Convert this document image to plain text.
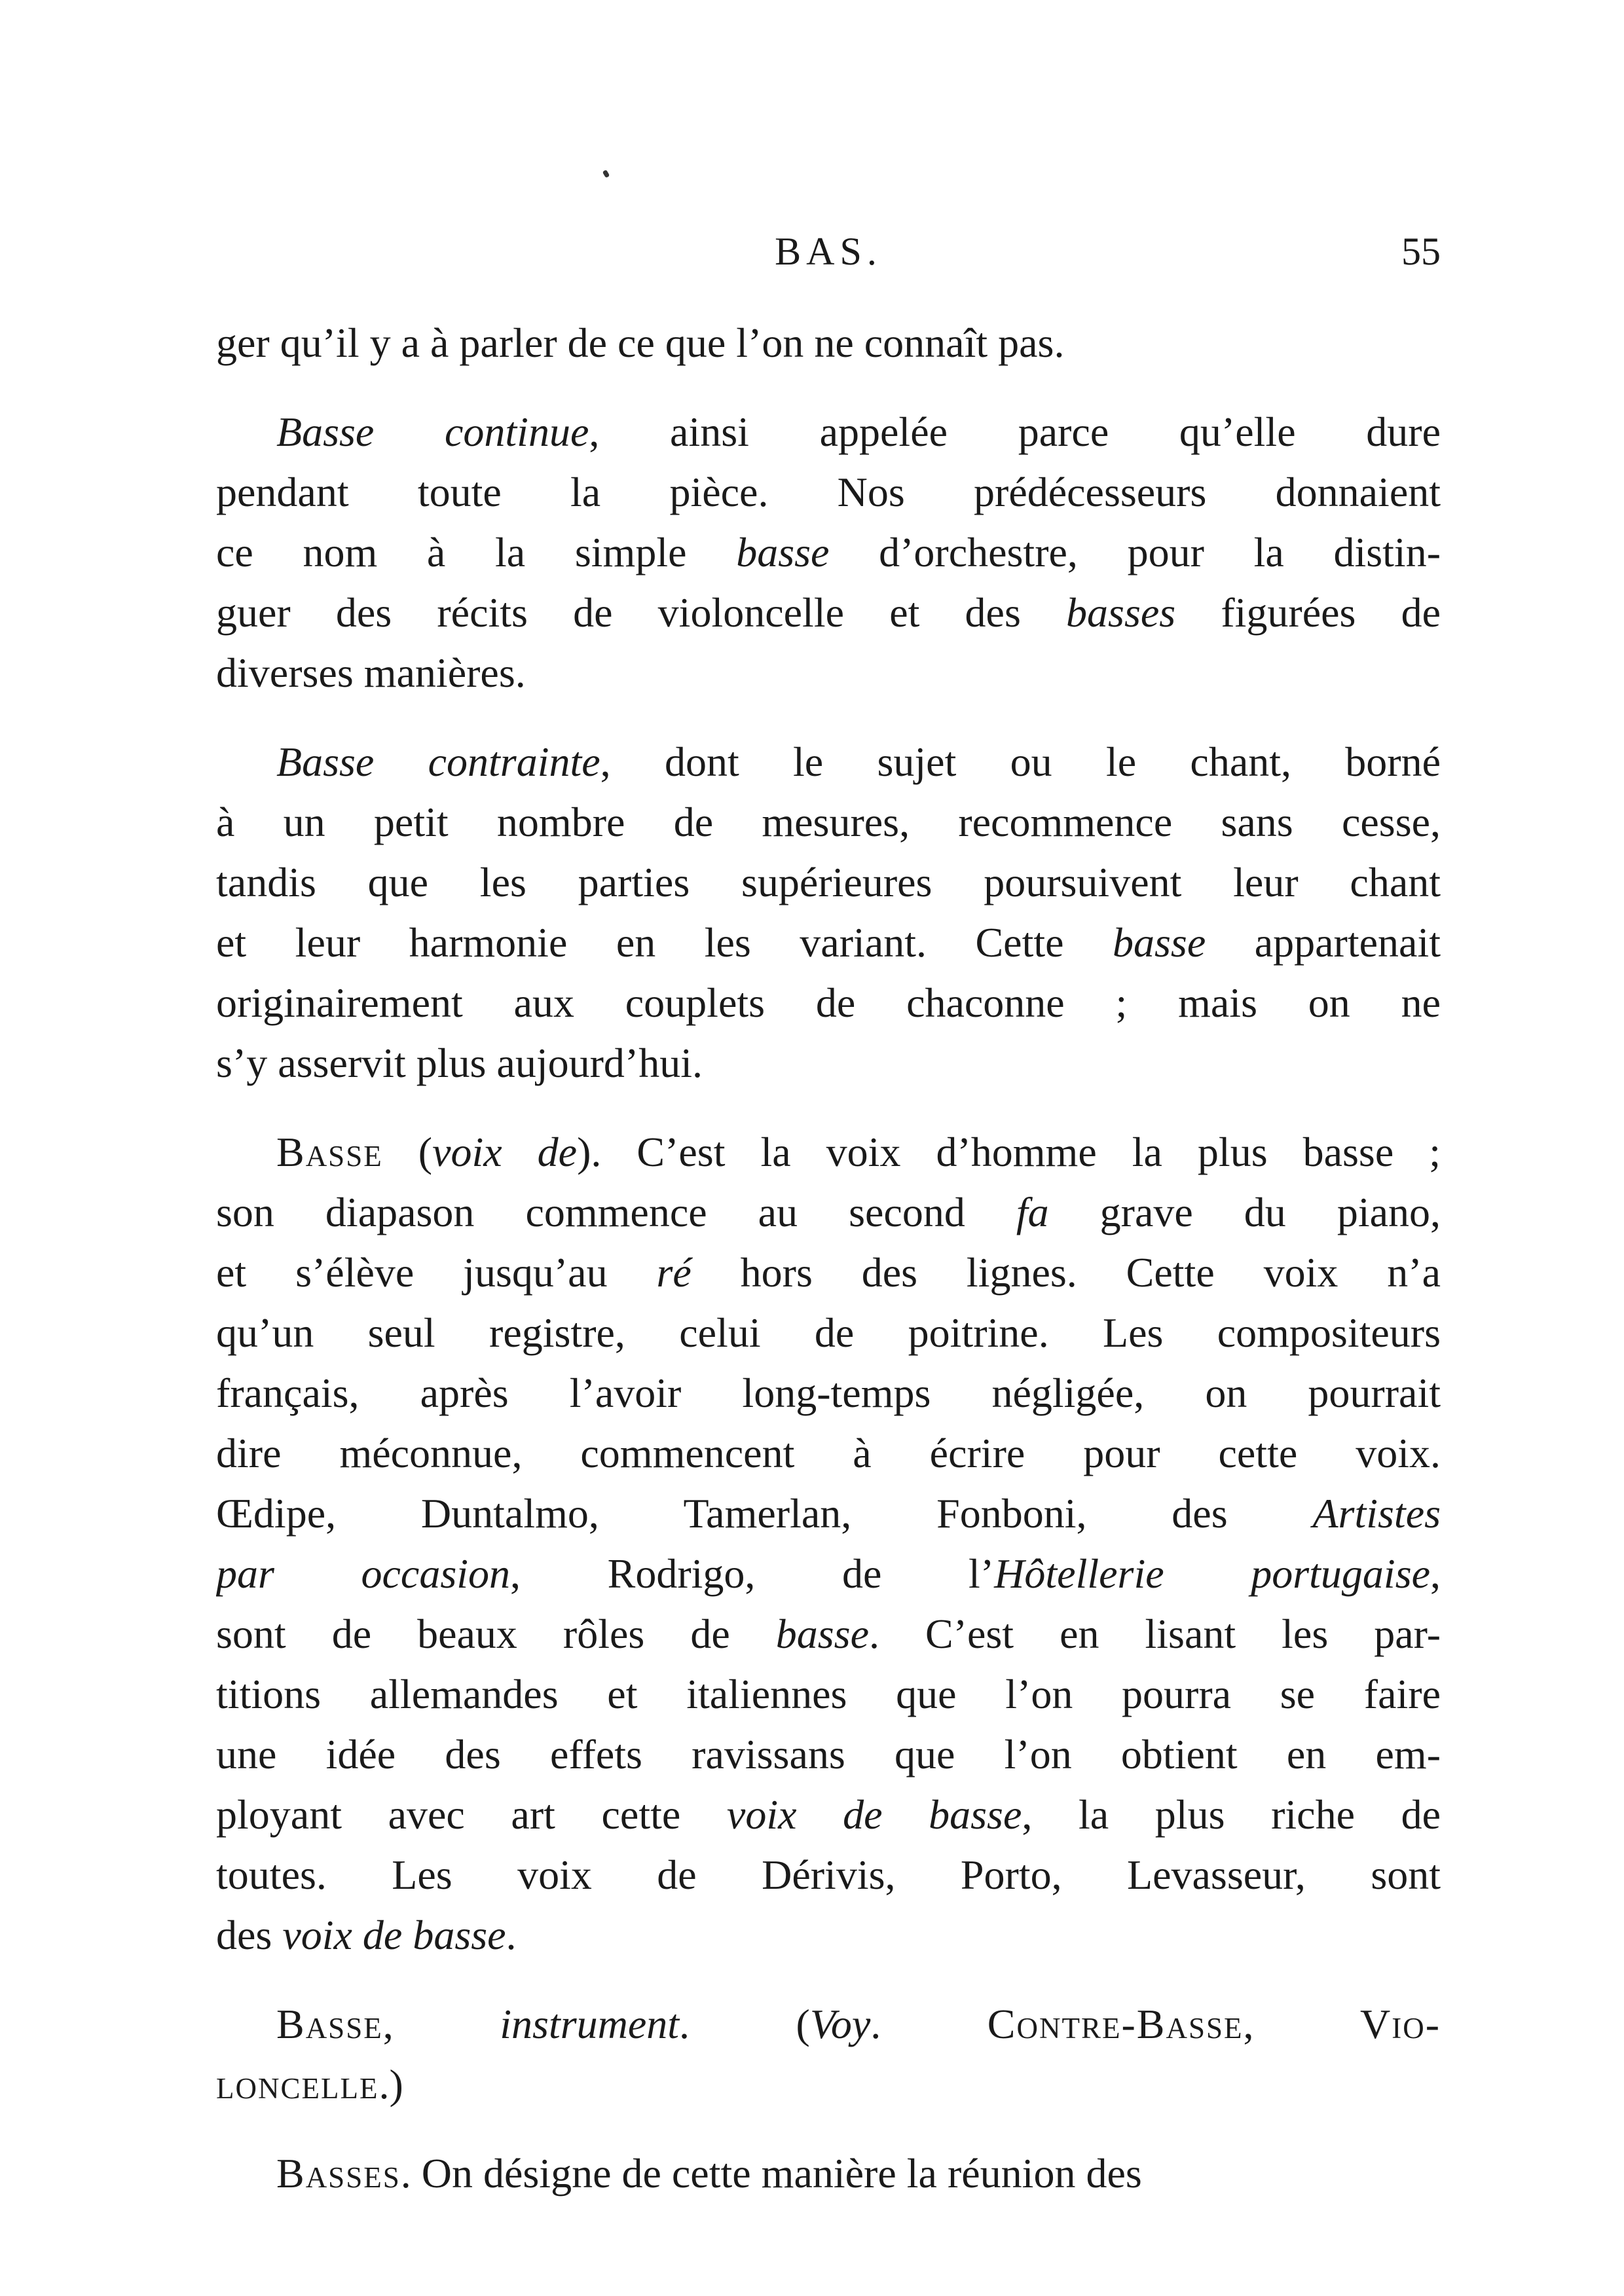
BAS.	55
ger qu’il y a à parler de ce que l’on ne connaît pas.
Basse continue, ainsi appelée parce qu’elle dure
pendant toute la pièce. Nos prédécesseurs donnaient
ce nom à la simple basse d’orchestre, pour la distin-
guer des récits de violoncelle et des basses figurées de
diverses manières.
Basse contrainte, dont le sujet ou le chant, borné
à un petit nombre de mesures, recommence sans cesse,
tandis que les parties supérieures poursuivent leur chant
et leur harmonie en les variant. Cette basse appartenait
originairement aux couplets de chaconne ; mais on ne
s’y asservit plus aujourd’hui.
Basse (voix de). C’est la voix d’homme la plus basse ;
son diapason commence au second fa grave du piano,
et s’élève jusqu’au ré hors des lignes. Cette voix n’a
qu’un seul registre, celui de poitrine. Les compositeurs
français, après l’avoir long-temps négligée, on pourrait
dire méconnue, commencent à écrire pour cette voix.
Œdipe, Duntalmo, Tamerlan, Fonboni, des Artistes
par occasion, Rodrigo, de l’Hôtellerie portugaise,
sont de beaux rôles de basse. C’est en lisant les par-
titions allemandes et italiennes que l’on pourra se faire
une idée des effets ravissans que l’on obtient en em-
ployant avec art cette voix de basse, la plus riche de
toutes. Les voix de Dérivis, Porto, Levasseur, sont
des voix de basse.
Basse, instrument. (Voy. Contre-Basse, Vio-
loncelle.)
Basses. On désigne de cette manière la réunion des
